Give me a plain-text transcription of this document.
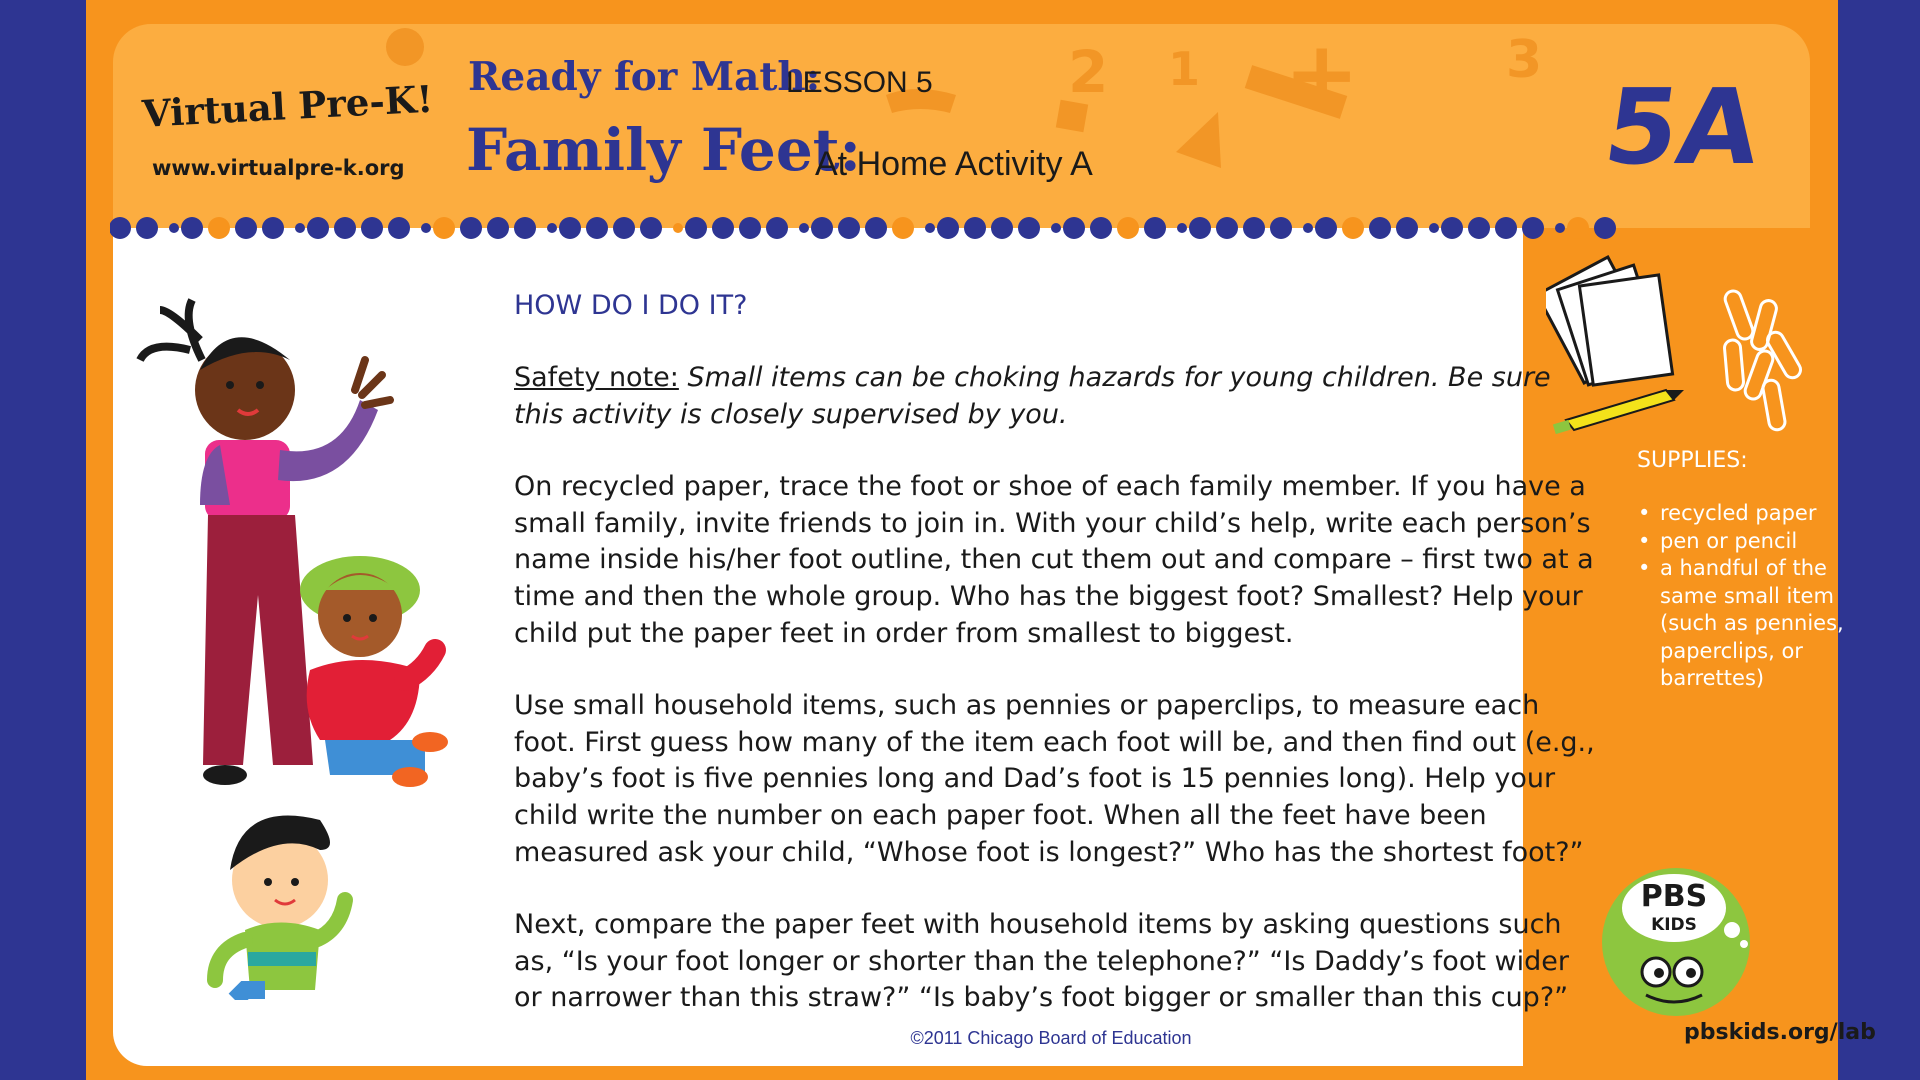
2 1 +	3
Virtual Pre-K!
www.virtualpre-k.org
Ready for Math:
LESSON 5
Family Feet:
At Home Activity A	5A

HOW DO I DO IT?

Safety note: Small items can be choking hazards for young children. Be sure this activity is closely supervised by you.

On recycled paper, trace the foot or shoe of each family member. If you have a small family, invite friends to join in. With your child’s help, write each person’s name inside his/her foot outline, then cut them out and compare – first two at a time and then the whole group. Who has the biggest foot? Smallest? Help your child put the paper feet in order from smallest to biggest.

Use small household items, such as pennies or paperclips, to measure each foot. First guess how many of the item each foot will be, and then find out (e.g., baby’s foot is five pennies long and Dad’s foot is 15 pennies long). Help your child write the number on each paper foot. When all the feet have been measured ask your child, “Whose foot is longest?” Who has the shortest foot?”

Next, compare the paper feet with household items by asking questions such as, “Is your foot longer or shorter than the telephone?” “Is Daddy’s foot wider or narrower than this straw?” “Is baby’s foot bigger or smaller than this cup?”

©2011 Chicago Board of Education
SUPPLIES:
• recycled paper
• pen or pencil
• a handful of the same small item (such as pennies, paperclips, or barrettes)
PBS
KIDS
pbskids.org/lab
